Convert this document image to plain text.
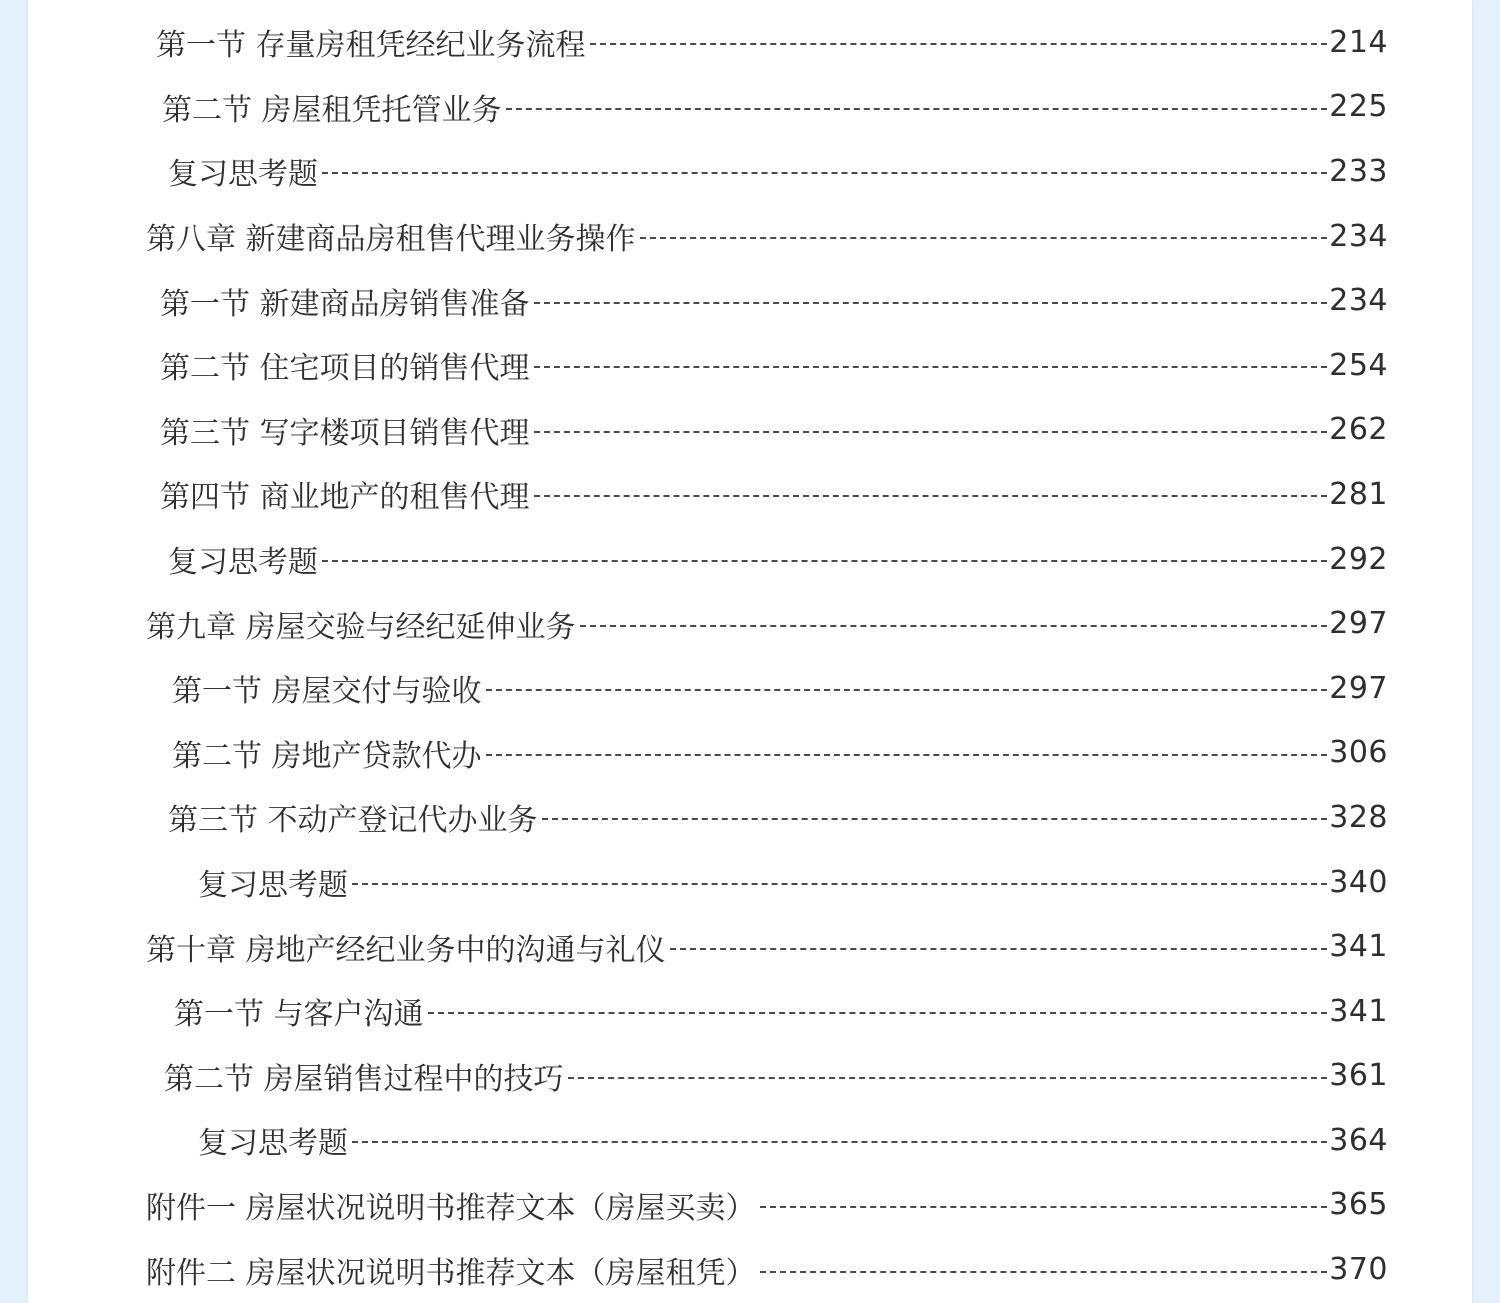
第一节 存量房租凭经纪业务流程	214
第二节 房屋租凭托管业务	225
复习思考题	233
第八章 新建商品房租售代理业务操作	234
第一节 新建商品房销售准备	234
第二节 住宅项目的销售代理	254
第三节 写字楼项目销售代理	262
第四节 商业地产的租售代理	281
复习思考题	292
第九章 房屋交验与经纪延伸业务	297
第一节 房屋交付与验收	297
第二节 房地产贷款代办	306
第三节 不动产登记代办业务	328
复习思考题	340
第十章 房地产经纪业务中的沟通与礼仪	341
第一节 与客户沟通	341
第二节 房屋销售过程中的技巧	361
复习思考题	364
附件一 房屋状况说明书推荐文本（房屋买卖）	365
附件二 房屋状况说明书推荐文本（房屋租凭）	370
